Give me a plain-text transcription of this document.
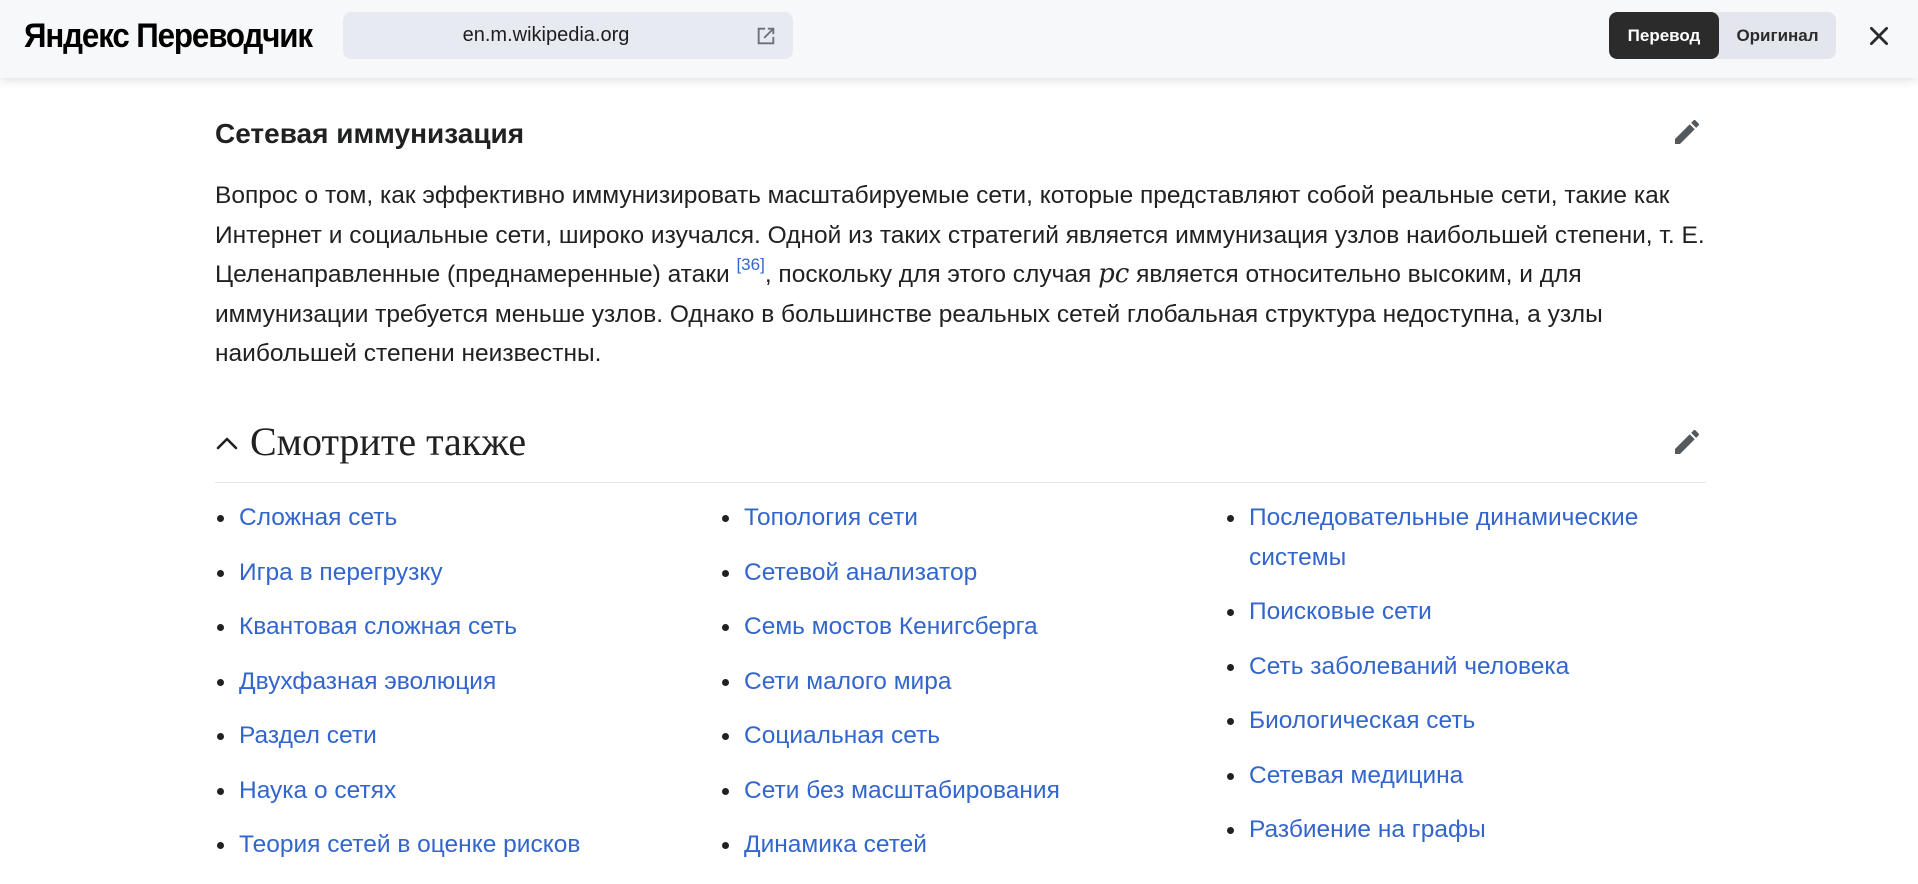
Яндекс Переводчик	en.m.wikipedia.org	Перевод	Оригинал
Сетевая иммунизация
Вопрос о том, как эффективно иммунизировать масштабируемые сети, которые представляют собой реальные сети, такие как Интернет и социальные сети, широко изучался. Одной из таких стратегий является иммунизация узлов наибольшей степени, т. Е. Целенаправленные (преднамеренные) атаки [36], поскольку для этого случая pc является относительно высоким, и для иммунизации требуется меньше узлов. Однако в большинстве реальных сетей глобальная структура недоступна, а узлы наибольшей степени неизвестны.
Смотрите также
Сложная сеть
Игра в перегрузку
Квантовая сложная сеть
Двухфазная эволюция
Раздел сети
Наука о сетях
Теория сетей в оценке рисков
Топология сети
Сетевой анализатор
Семь мостов Кенигсберга
Сети малого мира
Социальная сеть
Сети без масштабирования
Динамика сетей
Последовательные динамические системы
Поисковые сети
Сеть заболеваний человека
Биологическая сеть
Сетевая медицина
Разбиение на графы
